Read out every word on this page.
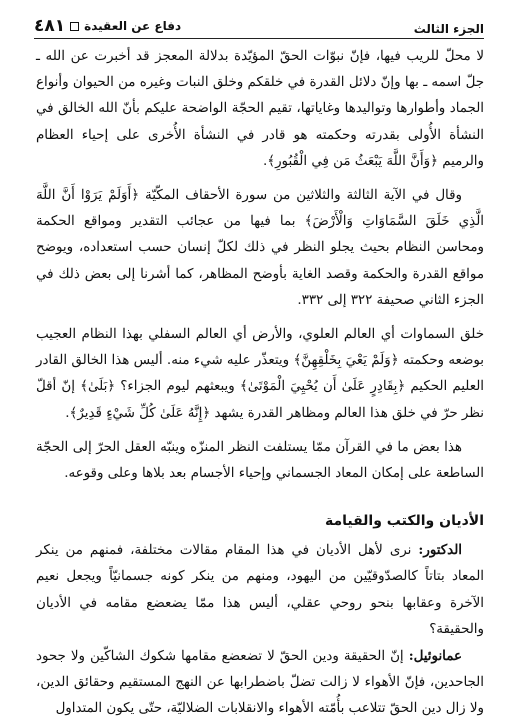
الجزء الثالث
دفاع عن العقيدة
٤٨١

لا محلّ للريب فيها، فإنّ نبوّات الحقّ المؤيّدة بدلالة المعجز قد أخبرت عن الله ـ جلّ اسمه ـ بها وإنّ دلائل القدرة في خلقكم وخلق النبات وغيره من الحيوان وأنواع الجماد وأطوارها وتواليدها وغاياتها، تقيم الحجّة الواضحة عليكم بأنّ الله الخالق في النشأة الأُولى بقدرته وحكمته هو قادر في النشأة الأُخرى على إحياء العظام والرميم ﴿وَأَنَّ اللَّهَ يَبْعَثُ مَن فِي الْقُبُورِ﴾.

وقال في الآية الثالثة والثلاثين من سورة الأحقاف المكّيّة ﴿أَوَلَمْ يَرَوْا أَنَّ اللَّهَ الَّذِي خَلَقَ السَّمَاوَاتِ وَالْأَرْضَ﴾ بما فيها من عجائب التقدير ومواقع الحكمة ومحاسن النظام بحيث يجلو النظر في ذلك لكلّ إنسان حسب استعداده، ويوضح مواقع القدرة والحكمة وقصد الغاية بأوضح المظاهر، كما أشرنا إلى بعض ذلك في الجزء الثاني صحيفة ٣٢٢ إلى ٣٣٢.

خلق السماوات أي العالم العلوي، والأرض أي العالم السفلي بهذا النظام العجيب بوضعه وحكمته ﴿وَلَمْ يَعْيَ بِخَلْقِهِنَّ﴾ ويتعذّر عليه شيء منه. أليس هذا الخالق القادر العليم الحكيم ﴿بِقَادِرٍ عَلَىٰ أَن يُحْيِيَ الْمَوْتَىٰ﴾ ويبعثهم ليوم الجزاء؟ ﴿بَلَىٰ﴾ إنّ أقلّ نظر حرّ في خلق هذا العالم ومظاهر القدرة يشهد ﴿إِنَّهُ عَلَىٰ كُلِّ شَيْءٍ قَدِيرٌ﴾.

هذا بعض ما في القرآن ممّا يستلفت النظر المنزّه وينبّه العقل الحرّ إلى الحجّة الساطعة على إمكان المعاد الجسماني وإحياء الأجسام بعد بلاها وعلى وقوعه.

الأديان والكتب والقيامة

الدكتور: نرى لأهل الأديان في هذا المقام مقالات مختلفة، فمنهم من ينكر المعاد بتاتاً كالصدّوقيّين من اليهود، ومنهم من ينكر كونه جسمانيّاً ويجعل نعيم الآخرة وعقابها بنحو روحي عقلي، أليس هذا ممّا يضعضع مقامه في الأديان والحقيقة؟

عمانوئيل: إنّ الحقيقة ودين الحقّ لا تضعضع مقامها شكوك الشاكّين ولا جحود الجاحدين، فإنّ الأهواء لا زالت تضلّ باضطرابها عن النهج المستقيم وحقائق الدين، ولا زال دين الحقّ تتلاعب بأُمّته الأهواء والانقلابات الضلاليّة، حتّى يكون المتداول
